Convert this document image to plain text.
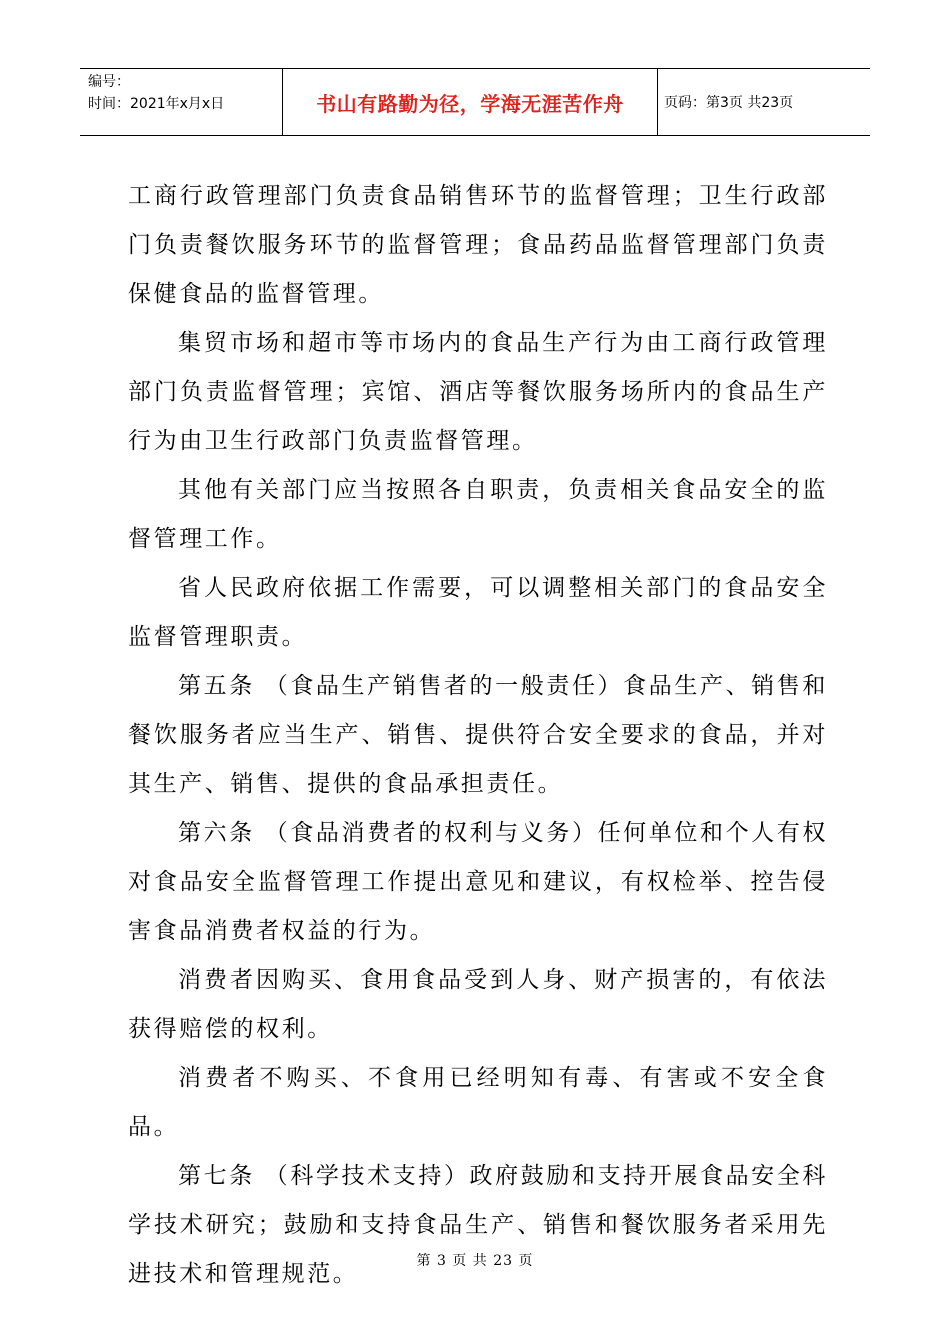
编号：
时间：2021年x月x日	书山有路勤为径，学海无涯苦作舟	页码：第3页 共23页

工商行政管理部门负责食品销售环节的监督管理；卫生行政部门负责餐饮服务环节的监督管理；食品药品监督管理部门负责保健食品的监督管理。

集贸市场和超市等市场内的食品生产行为由工商行政管理部门负责监督管理；宾馆、酒店等餐饮服务场所内的食品生产行为由卫生行政部门负责监督管理。

其他有关部门应当按照各自职责，负责相关食品安全的监督管理工作。

省人民政府依据工作需要，可以调整相关部门的食品安全监督管理职责。

第五条 （食品生产销售者的一般责任）食品生产、销售和餐饮服务者应当生产、销售、提供符合安全要求的食品，并对其生产、销售、提供的食品承担责任。

第六条 （食品消费者的权利与义务）任何单位和个人有权对食品安全监督管理工作提出意见和建议，有权检举、控告侵害食品消费者权益的行为。

消费者因购买、食用食品受到人身、财产损害的，有依法获得赔偿的权利。

消费者不购买、不食用已经明知有毒、有害或不安全食品。

第七条 （科学技术支持）政府鼓励和支持开展食品安全科学技术研究；鼓励和支持食品生产、销售和餐饮服务者采用先进技术和管理规范。	第 3 页 共 23 页
